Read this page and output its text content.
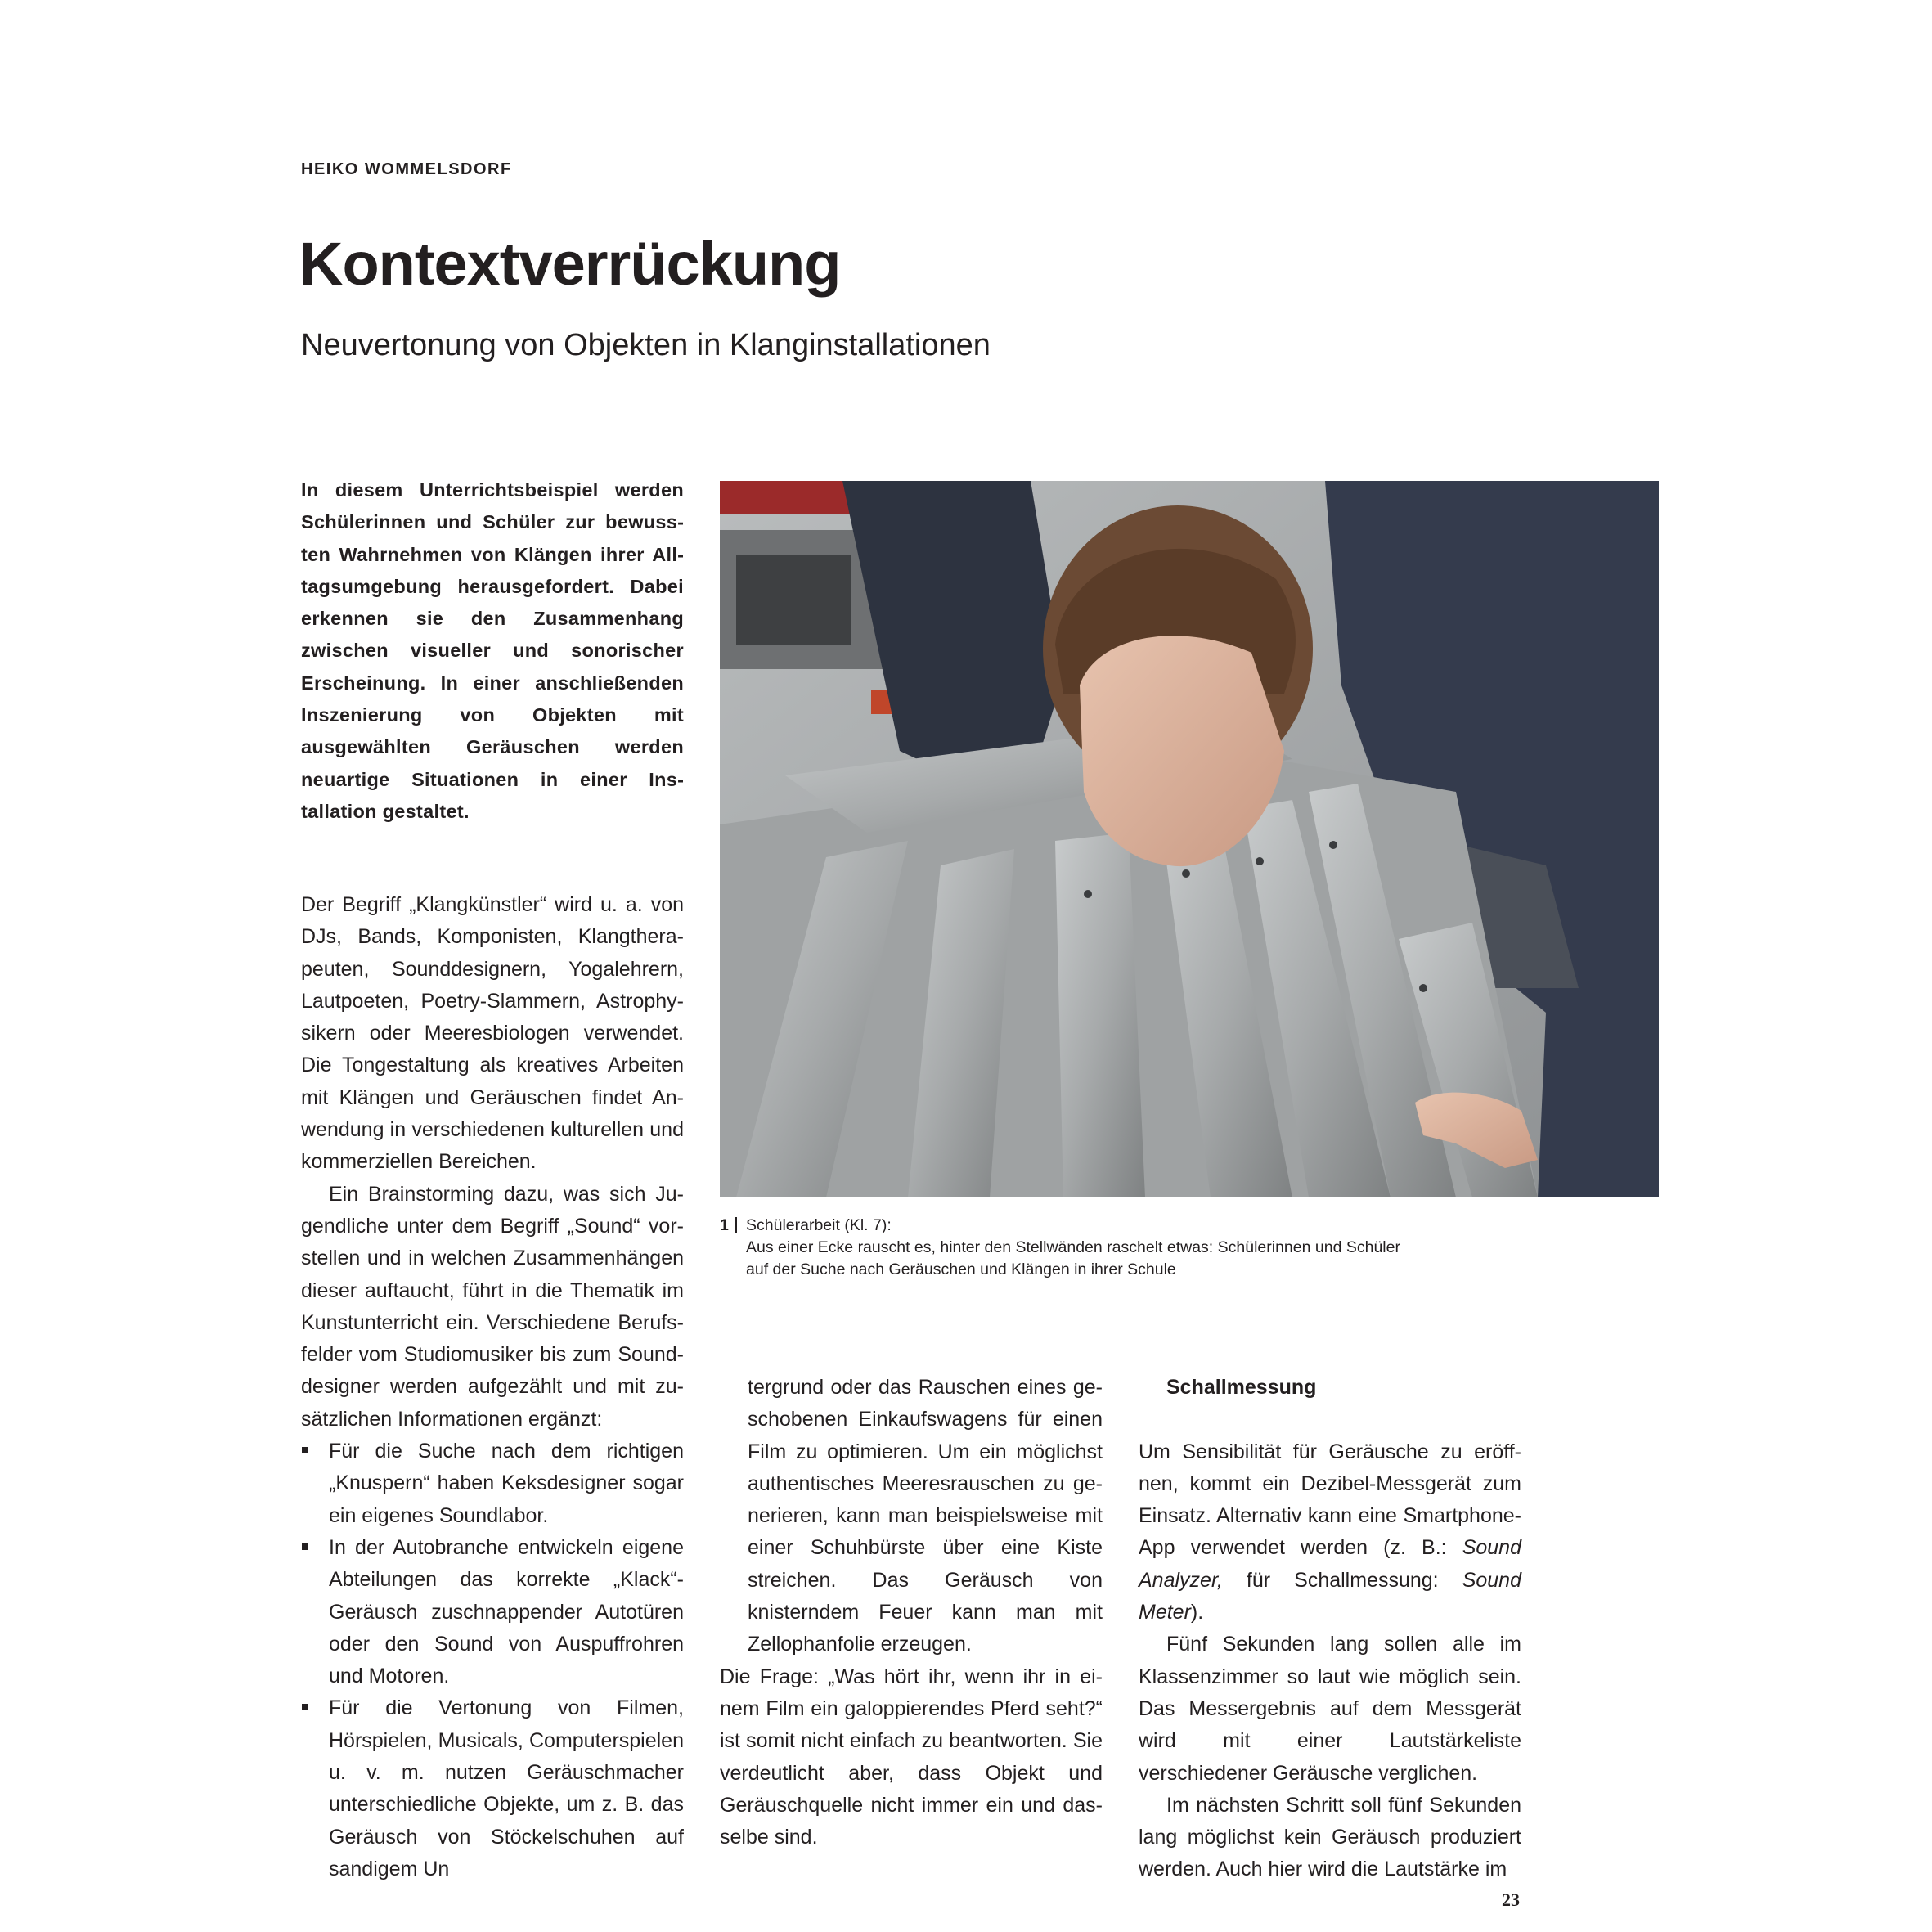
HEIKO WOMMELSDORF
Kontextverrückung
Neuvertonung von Objekten in Klanginstallationen
In diesem Unterrichtsbeispiel werden Schülerinnen und Schüler zur bewussten Wahrnehmen von Klängen ihrer Alltagsumgebung herausgefordert. Dabei erkennen sie den Zusammenhang zwischen visueller und sonorischer Erscheinung. In einer anschließenden Inszenierung von Objekten mit ausgewählten Geräuschen werden neuartige Situationen in einer Installation gestaltet.

Der Begriff „Klangkünstler“ wird u. a. von DJs, Bands, Komponisten, Klangtherapeuten, Sounddesignern, Yogalehrern, Lautpoeten, Poetry-Slammern, Astrophysikern oder Meeresbiologen verwendet. Die Tongestaltung als kreatives Arbeiten mit Klängen und Geräuschen findet Anwendung in verschiedenen kulturellen und kommerziellen Bereichen.

Ein Brainstorming dazu, was sich Jugendliche unter dem Begriff „Sound“ vorstellen und in welchen Zusammenhängen dieser auftaucht, führt in die Thematik im Kunstunterricht ein. Verschiedene Berufsfelder vom Studiomusiker bis zum Sounddesigner werden aufgezählt und mit zusätzlichen Informationen ergänzt:

Für die Suche nach dem richtigen „Knuspern“ haben Keksdesigner sogar ein eigenes Soundlabor.
In der Autobranche entwickeln eigene Abteilungen das korrekte „Klack“-Geräusch zuschnappender Autotüren oder den Sound von Auspuffrohren und Motoren.
Für die Vertonung von Filmen, Hörspielen, Musicals, Computerspielen u. v. m. nutzen Geräuschmacher unterschiedliche Objekte, um z. B. das Geräusch von Stöckelschuhen auf sandigem Un
1 Schülerarbeit (Kl. 7):
Aus einer Ecke rauscht es, hinter den Stellwänden raschelt etwas: Schülerinnen und Schüler
auf der Suche nach Geräuschen und Klängen in ihrer Schule

tergrund oder das Rauschen eines geschobenen Einkaufswagens für einen Film zu optimieren. Um ein möglichst authentisches Meeresrauschen zu generieren, kann man beispielsweise mit einer Schuhbürste über eine Kiste streichen. Das Geräusch von knisterndem Feuer kann man mit Zellophanfolie erzeugen.

Die Frage: „Was hört ihr, wenn ihr in einem Film ein galoppierendes Pferd seht?“ ist somit nicht einfach zu beantworten. Sie verdeutlicht aber, dass Objekt und Geräuschquelle nicht immer ein und dasselbe sind.

Schallmessung

Um Sensibilität für Geräusche zu eröffnen, kommt ein Dezibel-Messgerät zum Einsatz. Alternativ kann eine Smartphone-App verwendet werden (z. B.: Sound Analyzer, für Schallmessung: Sound Meter).

Fünf Sekunden lang sollen alle im Klassenzimmer so laut wie möglich sein. Das Messergebnis auf dem Messgerät wird mit einer Lautstärkeliste verschiedener Geräusche verglichen.

Im nächsten Schritt soll fünf Sekunden lang möglichst kein Geräusch produziert werden. Auch hier wird die Lautstärke im

23
